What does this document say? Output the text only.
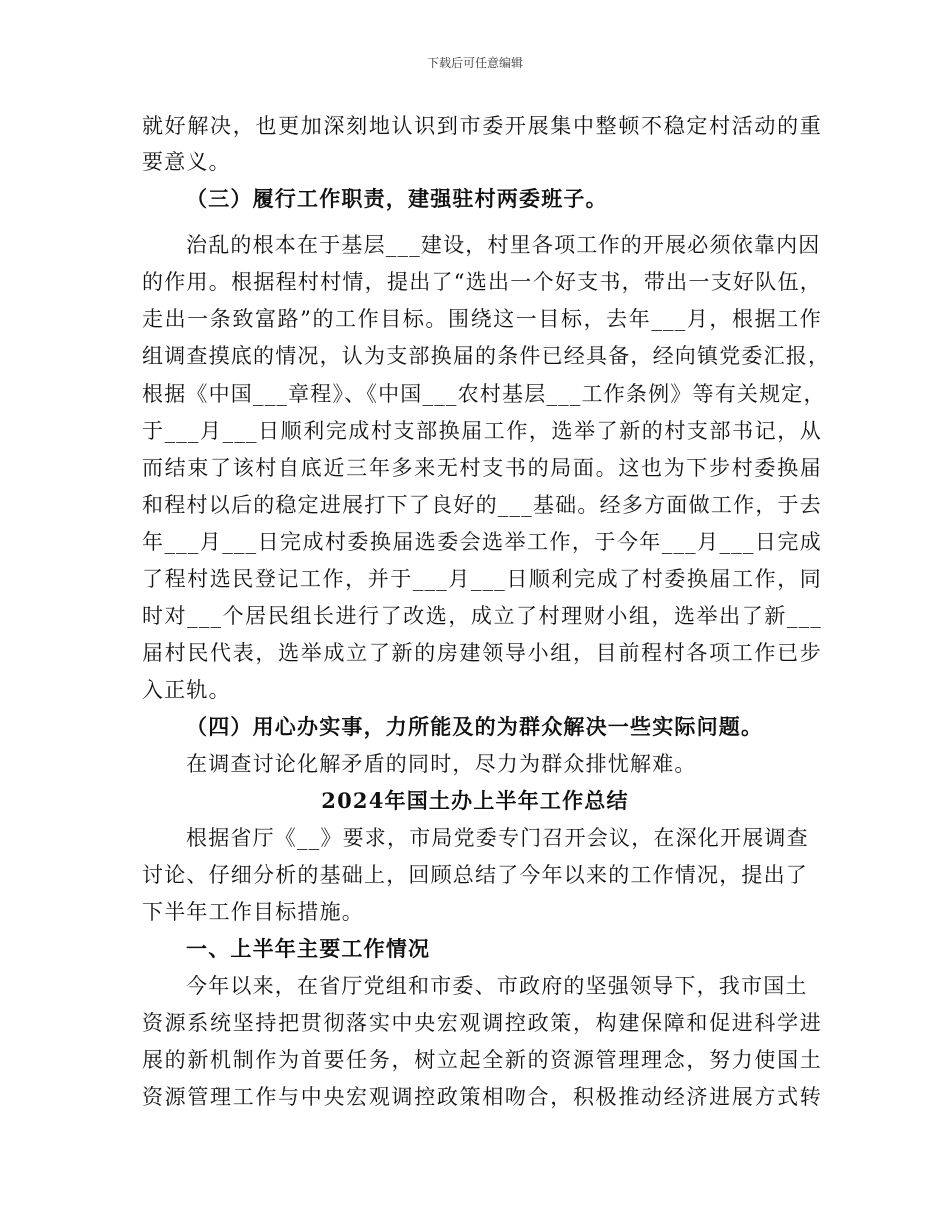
下载后可任意编辑
就好解决，也更加深刻地认识到市委开展集中整顿不稳定村活动的重
要意义。
（三）履行工作职责，建强驻村两委班子。
治乱的根本在于基层___建设，村里各项工作的开展必须依靠内因
的作用。根据程村村情，提出了“选出一个好支书，带出一支好队伍，
走出一条致富路”的工作目标。围绕这一目标，去年___月，根据工作
组调查摸底的情况，认为支部换届的条件已经具备，经向镇党委汇报，
根据《中国___章程》、《中国___农村基层___工作条例》等有关规定，
于___月___日顺利完成村支部换届工作，选举了新的村支部书记，从
而结束了该村自底近三年多来无村支书的局面。这也为下步村委换届
和程村以后的稳定进展打下了良好的___基础。经多方面做工作，于去
年___月___日完成村委换届选委会选举工作，于今年___月___日完成
了程村选民登记工作，并于___月___日顺利完成了村委换届工作，同
时对___个居民组长进行了改选，成立了村理财小组，选举出了新___
届村民代表，选举成立了新的房建领导小组，目前程村各项工作已步
入正轨。
（四）用心办实事，力所能及的为群众解决一些实际问题。
在调查讨论化解矛盾的同时，尽力为群众排忧解难。
2024年国土办上半年工作总结
根据省厅《__》要求，市局党委专门召开会议，在深化开展调查
讨论、仔细分析的基础上，回顾总结了今年以来的工作情况，提出了
下半年工作目标措施。
一、上半年主要工作情况
今年以来，在省厅党组和市委、市政府的坚强领导下，我市国土
资源系统坚持把贯彻落实中央宏观调控政策，构建保障和促进科学进
展的新机制作为首要任务，树立起全新的资源管理理念，努力使国土
资源管理工作与中央宏观调控政策相吻合，积极推动经济进展方式转
